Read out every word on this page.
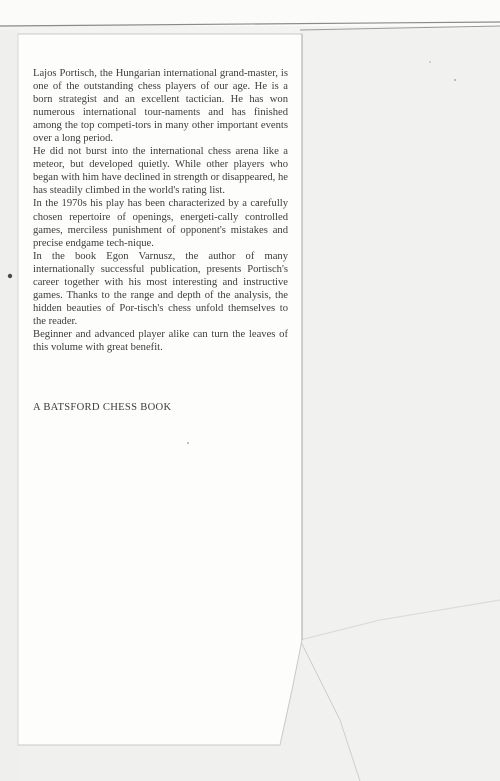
Lajos Portisch, the Hungarian international grand-master, is one of the outstanding chess players of our age. He is a born strategist and an excellent tactician. He has won numerous international tour-naments and has finished among the top competi-tors in many other important events over a long period.

He did not burst into the international chess arena like a meteor, but developed quietly. While other players who began with him have declined in strength or disappeared, he has steadily climbed in the world's rating list.

In the 1970s his play has been characterized by a carefully chosen repertoire of openings, energeti-cally controlled games, merciless punishment of opponent's mistakes and precise endgame tech-nique.

In the book Egon Varnusz, the author of many internationally successful publication, presents Portisch's career together with his most interesting and instructive games. Thanks to the range and depth of the analysis, the hidden beauties of Por-tisch's chess unfold themselves to the reader.

Beginner and advanced player alike can turn the leaves of this volume with great benefit.

A BATSFORD CHESS BOOK
